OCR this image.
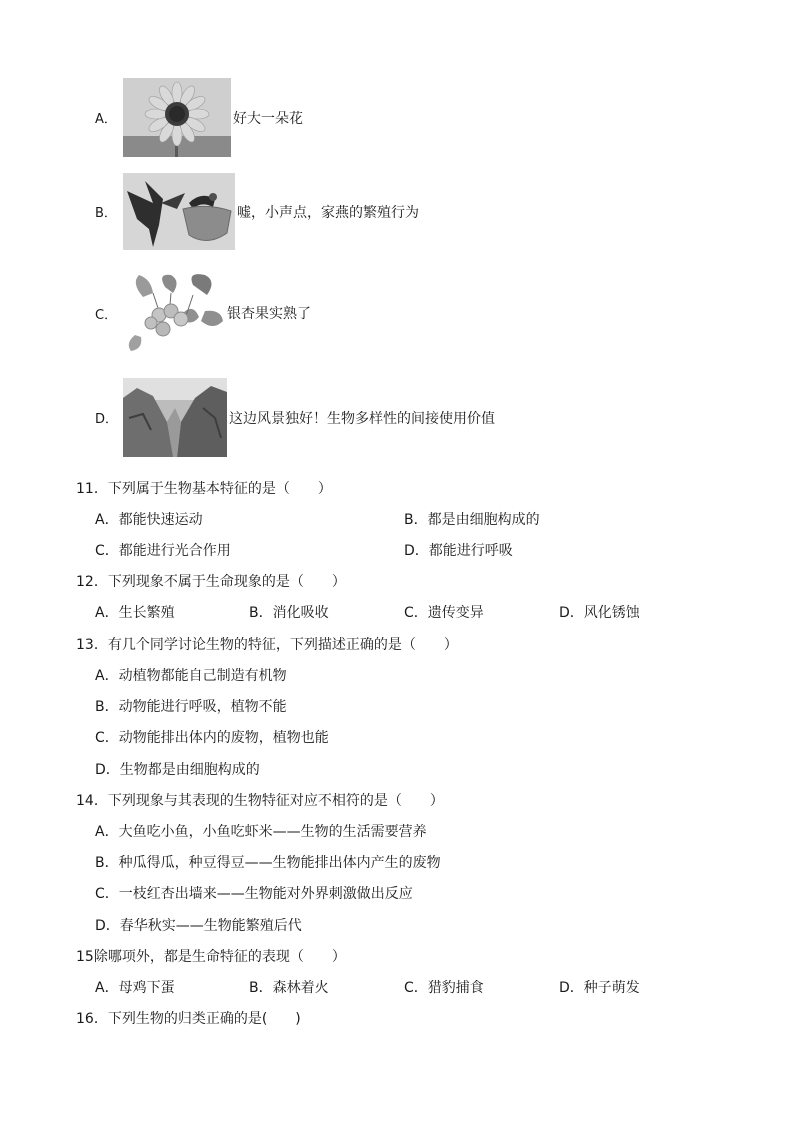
A．	好大一朵花
B．	嘘，小声点，家燕的繁殖行为
C．	银杏果实熟了
D．	这边风景独好！生物多样性的间接使用价值
11．下列属于生物基本特征的是（　　）
A．都能快速运动	B．都是由细胞构成的
C．都能进行光合作用	D．都能进行呼吸
12．下列现象不属于生命现象的是（　　）
A．生长繁殖	B．消化吸收	C．遗传变异	D．风化锈蚀
13．有几个同学讨论生物的特征，下列描述正确的是（　　）
A．动植物都能自己制造有机物
B．动物能进行呼吸，植物不能
C．动物能排出体内的废物，植物也能
D．生物都是由细胞构成的
14．下列现象与其表现的生物特征对应不相符的是（　　）
A．大鱼吃小鱼，小鱼吃虾米——生物的生活需要营养
B．种瓜得瓜，种豆得豆——生物能排出体内产生的废物
C．一枝红杏出墙来——生物能对外界刺激做出反应
D．春华秋实——生物能繁殖后代
15除哪项外，都是生命特征的表现（　　）
A．母鸡下蛋	B．森林着火	C．猎豹捕食	D．种子萌发
16．下列生物的归类正确的是(　　)
